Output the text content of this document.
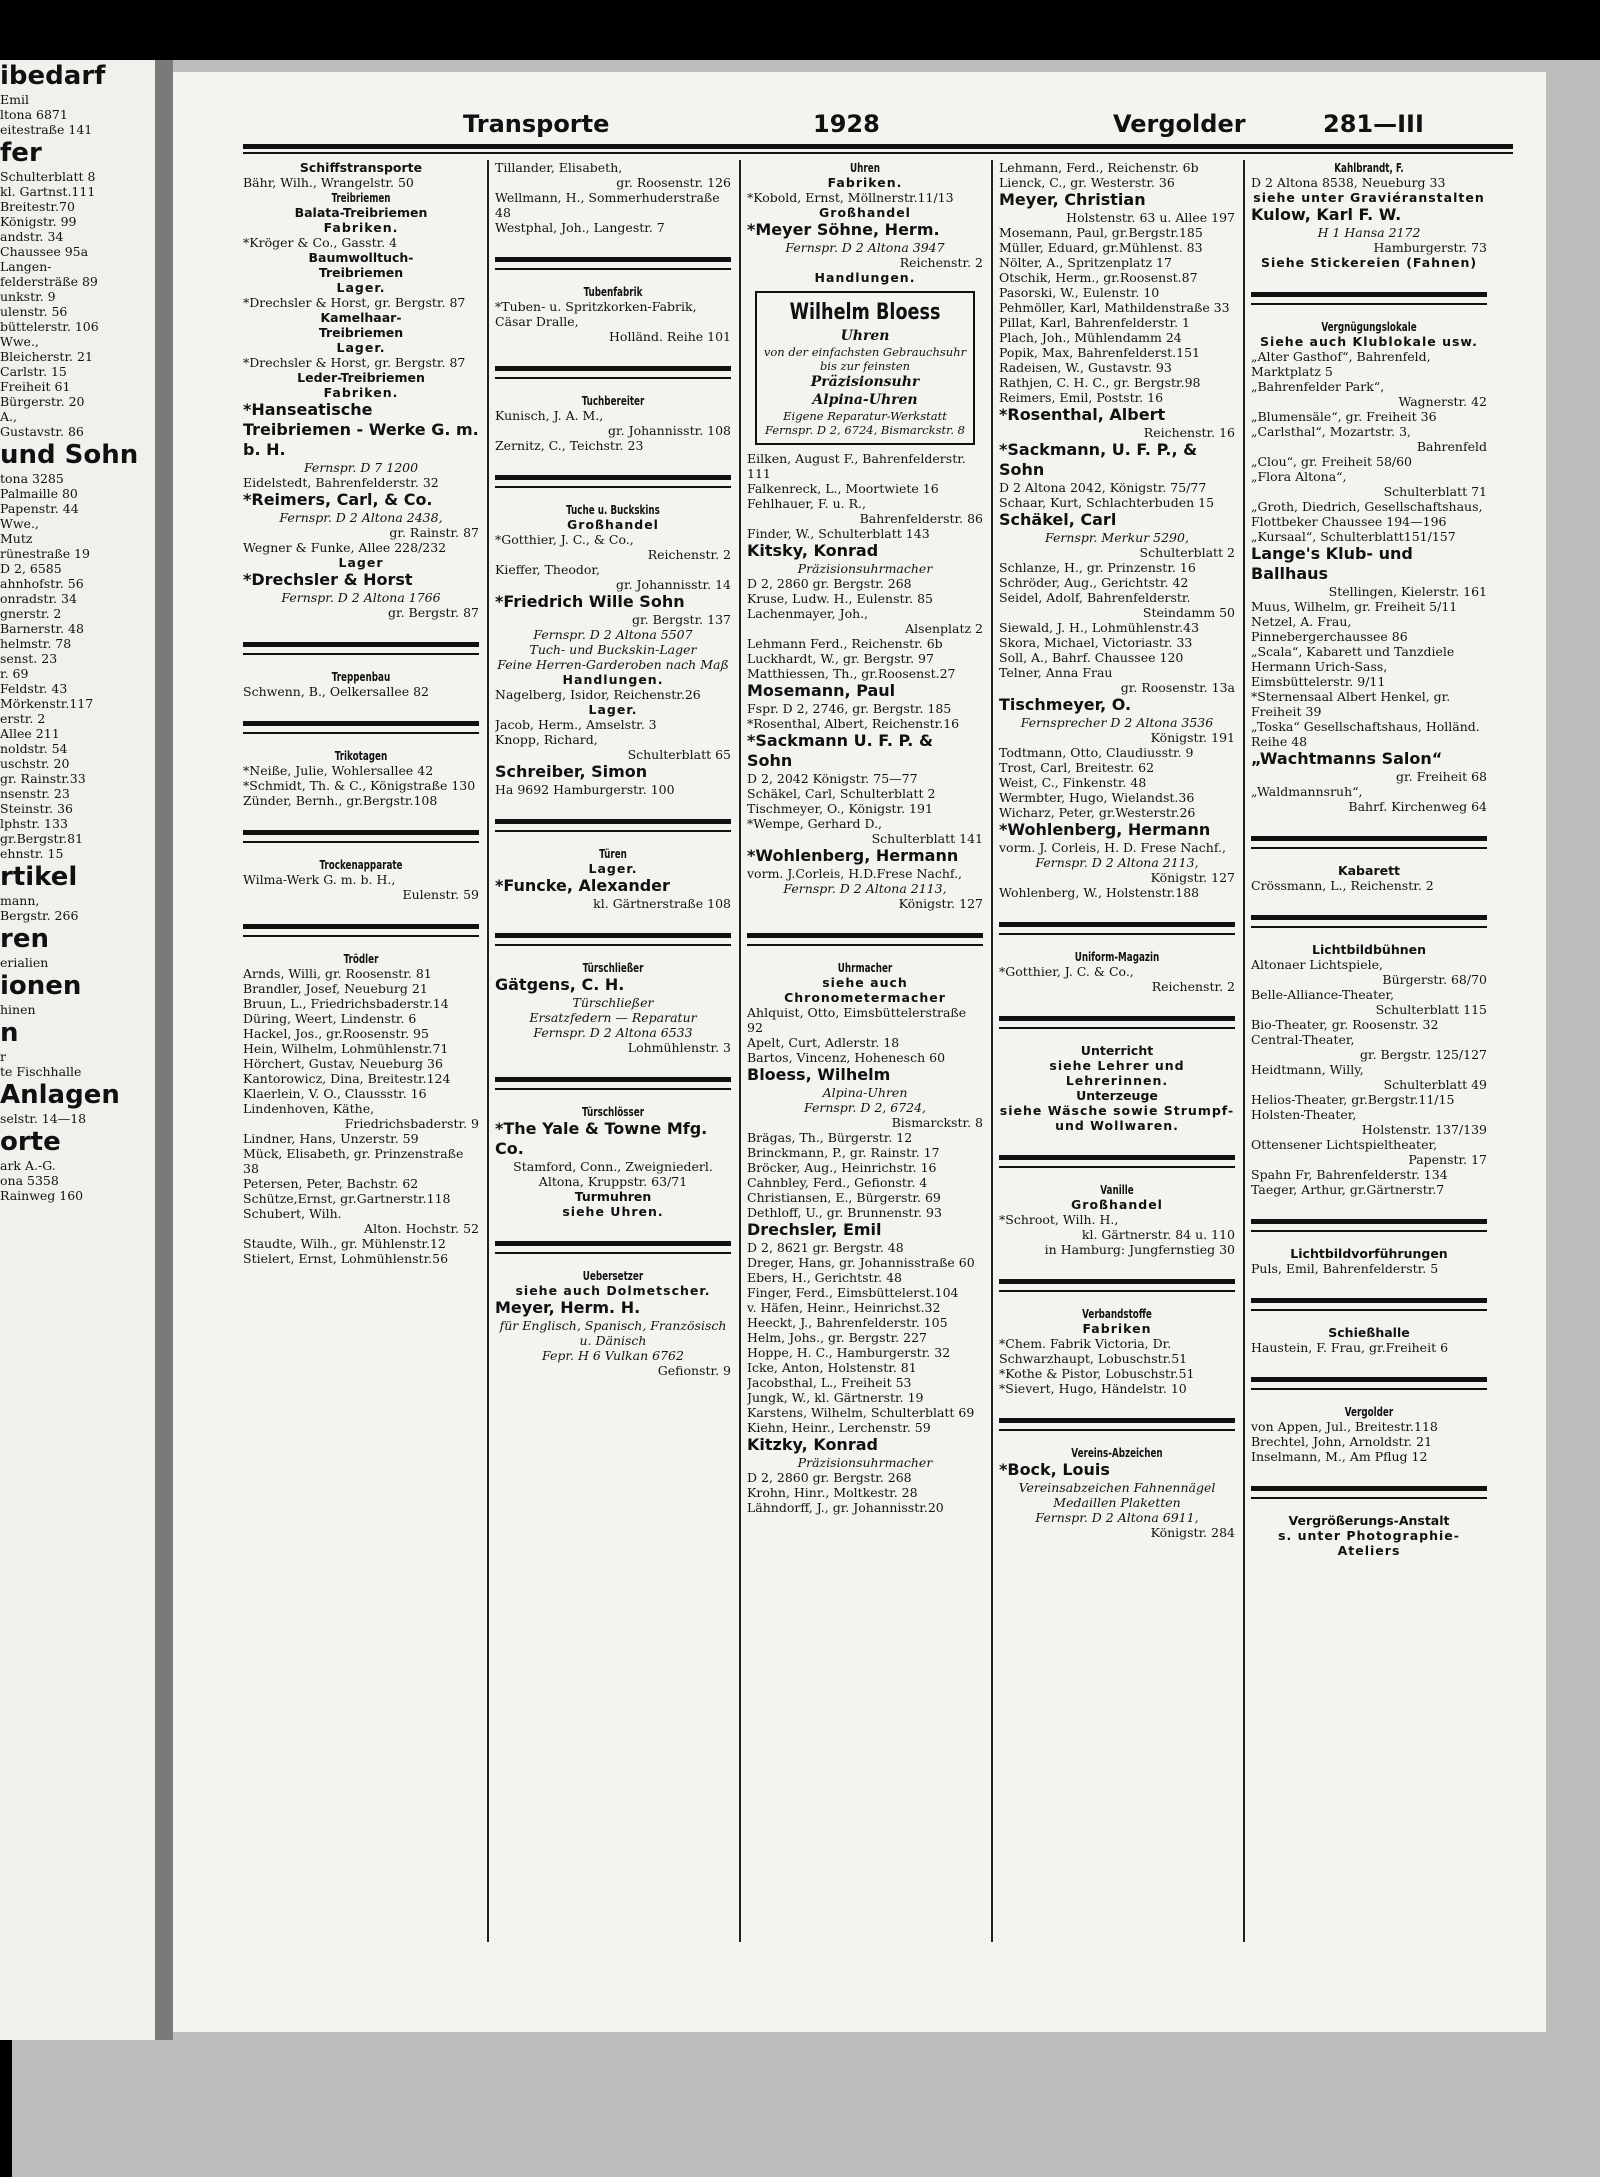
ibedarf

Emil

ltona 6871

eitestraße 141

fer

Schulterblatt 8

kl. Gartnst.111

Breitestr.70

Königstr. 99

andstr. 34

Chaussee 95a

Langen-

feldersträße 89

unkstr. 9

ulenstr. 56

büttelerstr. 106

Wwe.,

Bleicherstr. 21

Carlstr. 15

Freiheit 61

Bürgerstr. 20

A.,

Gustavstr. 86

und Sohn

tona 3285

Palmaille 80

Papenstr. 44

Wwe.,

Mutz

rünestraße 19

D 2, 6585

ahnhofstr. 56

onradstr. 34

gnerstr. 2

Barnerstr. 48

helmstr. 78

senst. 23

r. 69

Feldstr. 43

Mörkenstr.117

erstr. 2

Allee 211

noldstr. 54

uschstr. 20

gr. Rainstr.33

nsenstr. 23

Steinstr. 36

lphstr. 133

gr.Bergstr.81

ehnstr. 15

rtikel

mann,

Bergstr. 266

ren

erialien

ionen

hinen

n

r

te Fischhalle

Anlagen

selstr. 14—18

orte

ark A.-G.

ona 5358

Rainweg 160

Transporte	1928	Vergolder	281—III

Schiffstransporte

Bähr, Wilh., Wrangelstr. 50

Treibriemen

Balata-Treibriemen

Fabriken.

*Kröger & Co., Gasstr. 4

Baumwolltuch-

Treibriemen

Lager.

*Drechsler & Horst, gr. Bergstr. 87

Kamelhaar-

Treibriemen

Lager.

*Drechsler & Horst, gr. Bergstr. 87

Leder-Treibriemen

Fabriken.

*Hanseatische Treibriemen - Werke G. m. b. H.

Fernspr. D 7 1200

Eidelstedt, Bahrenfelderstr. 32

*Reimers, Carl, & Co.

Fernspr. D 2 Altona 2438,

gr. Rainstr. 87

Wegner & Funke, Allee 228/232

Lager

*Drechsler & Horst

Fernspr. D 2 Altona 1766

gr. Bergstr. 87

Treppenbau

Schwenn, B., Oelkersallee 82

Trikotagen

*Neiße, Julie, Wohlersallee 42

*Schmidt, Th. & C., Königstraße 130

Zünder, Bernh., gr.Bergstr.108

Trockenapparate

Wilma-Werk G. m. b. H.,

Eulenstr. 59

Trödler

Arnds, Willi, gr. Roosenstr. 81

Brandler, Josef, Neueburg 21

Bruun, L., Friedrichsbaderstr.14

Düring, Weert, Lindenstr. 6

Hackel, Jos., gr.Roosenstr. 95

Hein, Wilhelm, Lohmühlenstr.71

Hörchert, Gustav, Neueburg 36

Kantorowicz, Dina, Breitestr.124

Klaerlein, V. O., Claussstr. 16

Lindenhoven, Käthe,

Friedrichsbaderstr. 9

Lindner, Hans, Unzerstr. 59

Mück, Elisabeth, gr. Prinzenstraße 38

Petersen, Peter, Bachstr. 62

Schütze,Ernst, gr.Gartnerstr.118

Schubert, Wilh.

Alton. Hochstr. 52

Staudte, Wilh., gr. Mühlenstr.12

Stielert, Ernst, Lohmühlenstr.56

Tillander, Elisabeth,

gr. Roosenstr. 126

Wellmann, H., Sommerhuderstraße 48

Westphal, Joh., Langestr. 7

Tubenfabrik

*Tuben- u. Spritzkorken-Fabrik, Cäsar Dralle,

Holländ. Reihe 101

Tuchbereiter

Kunisch, J. A. M.,

gr. Johannisstr. 108

Zernitz, C., Teichstr. 23

Tuche u. Buckskins

Großhandel

*Gotthier, J. C., & Co.,

Reichenstr. 2

Kieffer, Theodor,

gr. Johannisstr. 14

*Friedrich Wille Sohn

gr. Bergstr. 137

Fernspr. D 2 Altona 5507

Tuch- und Buckskin-Lager

Feine Herren-Garderoben nach Maß

Handlungen.

Nagelberg, Isidor, Reichenstr.26

Lager.

Jacob, Herm., Amselstr. 3

Knopp, Richard,

Schulterblatt 65

Schreiber, Simon

Ha 9692 Hamburgerstr. 100

Türen

Lager.

*Funcke, Alexander

kl. Gärtnerstraße 108

Türschließer

Gätgens, C. H.

Türschließer

Ersatzfedern — Reparatur

Fernspr. D 2 Altona 6533

Lohmühlenstr. 3

Türschlösser

*The Yale & Towne Mfg. Co.

Stamford, Conn., Zweigniederl. Altona, Kruppstr. 63/71

Turmuhren

siehe Uhren.

Uebersetzer

siehe auch Dolmetscher.

Meyer, Herm. H.

für Englisch, Spanisch, Französisch u. Dänisch

Fepr. H 6 Vulkan 6762

Gefionstr. 9

Uhren

Fabriken.

*Kobold, Ernst, Möllnerstr.11/13

Großhandel

*Meyer Söhne, Herm.

Fernspr. D 2 Altona 3947

Reichenstr. 2

Handlungen.

Wilhelm Bloess

Uhren

von der einfachsten Gebrauchsuhr bis zur feinsten

Präzisionsuhr

Alpina-Uhren

Eigene Reparatur-Werkstatt

Fernspr. D 2, 6724, Bismarckstr. 8

Eilken, August F., Bahrenfelderstr. 111

Falkenreck, L., Moortwiete 16

Fehlhauer, F. u. R.,

Bahrenfelderstr. 86

Finder, W., Schulterblatt 143

Kitsky, Konrad

Präzisionsuhrmacher

D 2, 2860 gr. Bergstr. 268

Kruse, Ludw. H., Eulenstr. 85

Lachenmayer, Joh.,

Alsenplatz 2

Lehmann Ferd., Reichenstr. 6b

Luckhardt, W., gr. Bergstr. 97

Matthiessen, Th., gr.Roosenst.27

Mosemann, Paul

Fspr. D 2, 2746, gr. Bergstr. 185

*Rosenthal, Albert, Reichenstr.16

*Sackmann U. F. P. & Sohn

D 2, 2042 Königstr. 75—77

Schäkel, Carl, Schulterblatt 2

Tischmeyer, O., Königstr. 191

*Wempe, Gerhard D.,

Schulterblatt 141

*Wohlenberg, Hermann

vorm. J.Corleis, H.D.Frese Nachf.,

Fernspr. D 2 Altona 2113,

Königstr. 127

Uhrmacher

siehe auch Chronometermacher

Ahlquist, Otto, Eimsbüttelerstraße 92

Apelt, Curt, Adlerstr. 18

Bartos, Vincenz, Hohenesch 60

Bloess, Wilhelm

Alpina-Uhren

Fernspr. D 2, 6724,

Bismarckstr. 8

Brägas, Th., Bürgerstr. 12

Brinckmann, P., gr. Rainstr. 17

Bröcker, Aug., Heinrichstr. 16

Cahnbley, Ferd., Gefionstr. 4

Christiansen, E., Bürgerstr. 69

Dethloff, U., gr. Brunnenstr. 93

Drechsler, Emil

D 2, 8621 gr. Bergstr. 48

Dreger, Hans, gr. Johannisstraße 60

Ebers, H., Gerichtstr. 48

Finger, Ferd., Eimsbüttelerst.104

v. Häfen, Heinr., Heinrichst.32

Heeckt, J., Bahrenfelderstr. 105

Helm, Johs., gr. Bergstr. 227

Hoppe, H. C., Hamburgerstr. 32

Icke, Anton, Holstenstr. 81

Jacobsthal, L., Freiheit 53

Jungk, W., kl. Gärtnerstr. 19

Karstens, Wilhelm, Schulterblatt 69

Kiehn, Heinr., Lerchenstr. 59

Kitzky, Konrad

Präzisionsuhrmacher

D 2, 2860 gr. Bergstr. 268

Krohn, Hinr., Moltkestr. 28

Lähndorff, J., gr. Johannisstr.20

Lehmann, Ferd., Reichenstr. 6b

Lienck, C., gr. Westerstr. 36

Meyer, Christian

Holstenstr. 63 u. Allee 197

Mosemann, Paul, gr.Bergstr.185

Müller, Eduard, gr.Mühlenst. 83

Nölter, A., Spritzenplatz 17

Otschik, Herm., gr.Roosenst.87

Pasorski, W., Eulenstr. 10

Pehmöller, Karl, Mathildenstraße 33

Pillat, Karl, Bahrenfelderstr. 1

Plach, Joh., Mühlendamm 24

Popik, Max, Bahrenfelderst.151

Radeisen, W., Gustavstr. 93

Rathjen, C. H. C., gr. Bergstr.98

Reimers, Emil, Poststr. 16

*Rosenthal, Albert

Reichenstr. 16

*Sackmann, U. F. P., & Sohn

D 2 Altona 2042, Königstr. 75/77

Schaar, Kurt, Schlachterbuden 15

Schäkel, Carl

Fernspr. Merkur 5290,

Schulterblatt 2

Schlanze, H., gr. Prinzenstr. 16

Schröder, Aug., Gerichtstr. 42

Seidel, Adolf, Bahrenfelderstr.

Steindamm 50

Siewald, J. H., Lohmühlenstr.43

Skora, Michael, Victoriastr. 33

Soll, A., Bahrf. Chaussee 120

Telner, Anna Frau

gr. Roosenstr. 13a

Tischmeyer, O.

Fernsprecher D 2 Altona 3536

Königstr. 191

Todtmann, Otto, Claudiusstr. 9

Trost, Carl, Breitestr. 62

Weist, C., Finkenstr. 48

Wermbter, Hugo, Wielandst.36

Wicharz, Peter, gr.Westerstr.26

*Wohlenberg, Hermann

vorm. J. Corleis, H. D. Frese Nachf.,

Fernspr. D 2 Altona 2113,

Königstr. 127

Wohlenberg, W., Holstenstr.188

Uniform-Magazin

*Gotthier, J. C. & Co.,

Reichenstr. 2

Unterricht

siehe Lehrer und Lehrerinnen.

Unterzeuge

siehe Wäsche sowie Strumpf- und Wollwaren.

Vanille

Großhandel

*Schroot, Wilh. H.,

kl. Gärtnerstr. 84 u. 110

in Hamburg: Jungfernstieg 30

Verbandstoffe

Fabriken

*Chem. Fabrik Victoria, Dr. Schwarzhaupt, Lobuschstr.51

*Kothe & Pistor, Lobuschstr.51

*Sievert, Hugo, Händelstr. 10

Vereins-Abzeichen

*Bock, Louis

Vereinsabzeichen Fahnennägel Medaillen Plaketten

Fernspr. D 2 Altona 6911,

Königstr. 284

Kahlbrandt, F.

D 2 Altona 8538, Neueburg 33

siehe unter Graviéranstalten

Kulow, Karl F. W.

H 1 Hansa 2172

Hamburgerstr. 73

Siehe Stickereien (Fahnen)

Vergnügungslokale

Siehe auch Klublokale usw.

„Alter Gasthof“, Bahrenfeld, Marktplatz 5

„Bahrenfelder Park“,

Wagnerstr. 42

„Blumensäle“, gr. Freiheit 36

„Carlsthal“, Mozartstr. 3,

Bahrenfeld

„Clou“, gr. Freiheit 58/60

„Flora Altona“,

Schulterblatt 71

„Groth, Diedrich, Gesellschaftshaus, Flottbeker Chaussee 194—196

„Kursaal“, Schulterblatt151/157

Lange's Klub- und Ballhaus

Stellingen, Kielerstr. 161

Muus, Wilhelm, gr. Freiheit 5/11

Netzel, A. Frau, Pinnebergerchaussee 86

„Scala“, Kabarett und Tanzdiele Hermann Urich-Sass, Eimsbüttelerstr. 9/11

*Sternensaal Albert Henkel, gr. Freiheit 39

„Toska“ Gesellschaftshaus, Holländ. Reihe 48

„Wachtmanns Salon“

gr. Freiheit 68

„Waldmannsruh“,

Bahrf. Kirchenweg 64

Kabarett

Crössmann, L., Reichenstr. 2

Lichtbildbühnen

Altonaer Lichtspiele,

Bürgerstr. 68/70

Belle-Alliance-Theater,

Schulterblatt 115

Bio-Theater, gr. Roosenstr. 32

Central-Theater,

gr. Bergstr. 125/127

Heidtmann, Willy,

Schulterblatt 49

Helios-Theater, gr.Bergstr.11/15

Holsten-Theater,

Holstenstr. 137/139

Ottensener Lichtspieltheater,

Papenstr. 17

Spahn Fr, Bahrenfelderstr. 134

Taeger, Arthur, gr.Gärtnerstr.7

Lichtbildvorführungen

Puls, Emil, Bahrenfelderstr. 5

Schießhalle

Haustein, F. Frau, gr.Freiheit 6

Vergolder

von Appen, Jul., Breitestr.118

Brechtel, John, Arnoldstr. 21

Inselmann, M., Am Pflug 12

Vergrößerungs-Anstalt

s. unter Photographie-Ateliers
